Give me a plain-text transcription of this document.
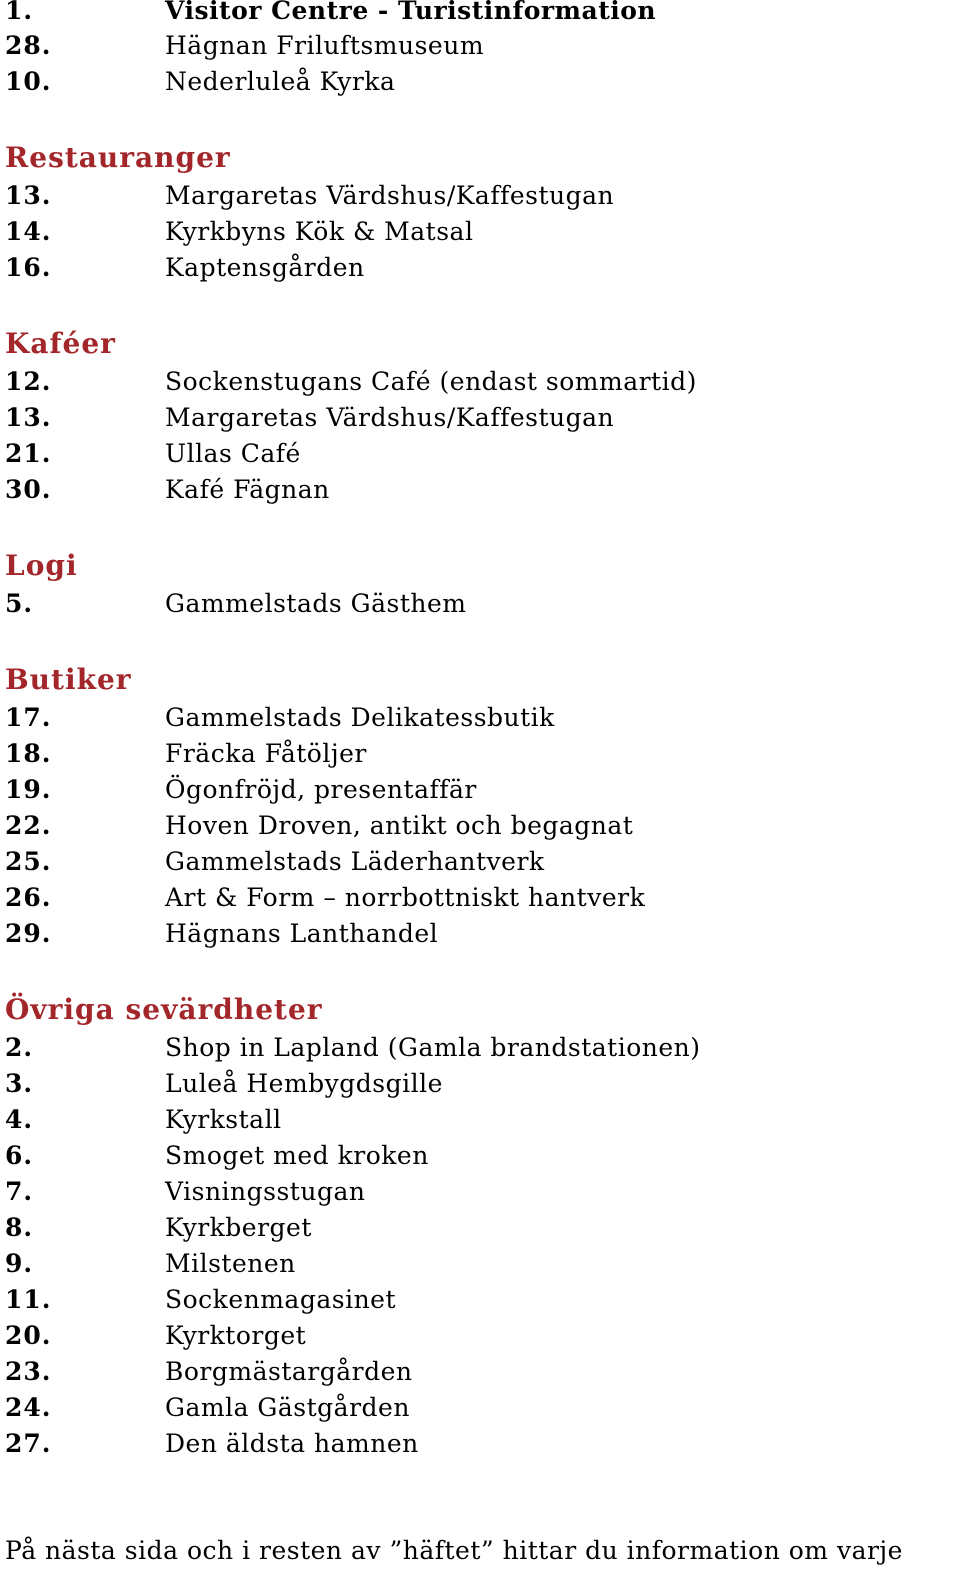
1.	Visitor Centre - Turistinformation
28.	Hägnan Friluftsmuseum
10.	Nederluleå Kyrka
Restauranger
13.	Margaretas Värdshus/Kaffestugan
14.	Kyrkbyns Kök & Matsal
16.	Kaptensgården
Kaféer
12.	Sockenstugans Café (endast sommartid)
13.	Margaretas Värdshus/Kaffestugan
21.	Ullas Café
30.	Kafé Fägnan
Logi
5.	Gammelstads Gästhem
Butiker
17.	Gammelstads Delikatessbutik
18.	Fräcka Fåtöljer
19.	Ögonfröjd, presentaffär
22.	Hoven Droven, antikt och begagnat
25.	Gammelstads Läderhantverk
26.	Art & Form – norrbottniskt hantverk
29.	Hägnans Lanthandel
Övriga sevärdheter
2.	Shop in Lapland (Gamla brandstationen)
3.	Luleå Hembygdsgille
4.	Kyrkstall
6.	Smoget med kroken
7.	Visningsstugan
8.	Kyrkberget
9.	Milstenen
11.	Sockenmagasinet
20.	Kyrktorget
23.	Borgmästargården
24.	Gamla Gästgården
27.	Den äldsta hamnen
På nästa sida och i resten av ”häftet” hittar du information om varje
